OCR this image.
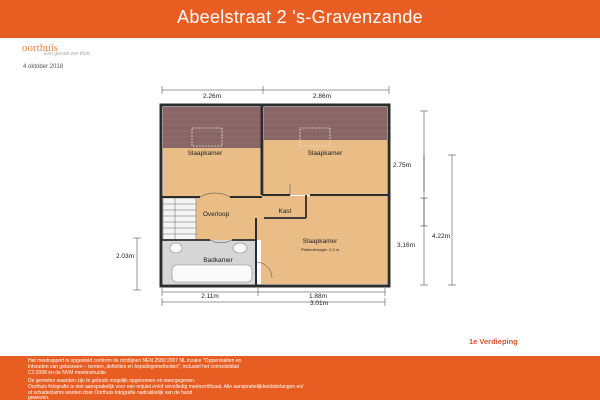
Abeelstraat 2 's-Gravenzande
oorthuis
Een gevoel van thuis
4 oktober 2018
Slaapkamer	Slaapkamer
Slaapkamer
Plafondhoogte: 2,4 m
Overloop	Kast
Badkamer
2.26m	2.86m
2.75m
4.22m
3.16m
2.03m
2.11m	1.88m
3.01m
1e Verdieping

Het meetrapport is opgesteld conform de richtlijnen NEN 2580:2007 NL inzake "Oppervlakten en

inhouden van gebouwen – termen, definities en bepalingsmethoden", inclusief het correctieblad

C1:2008 en de NVM meetinstructie.

De gemeten waarden zijn te gebruik mogelijk opgenomen en weergegeven.

Oorthuis fotografie is niet aansprakelijk voor een onjuist en/of onvolledig meetcertificaat. Alle aansprakelijkheidsbelangen en/

of schadeclaims worden door Oorthuis fotografie nadrukkelijk van de hand

gewezen.
